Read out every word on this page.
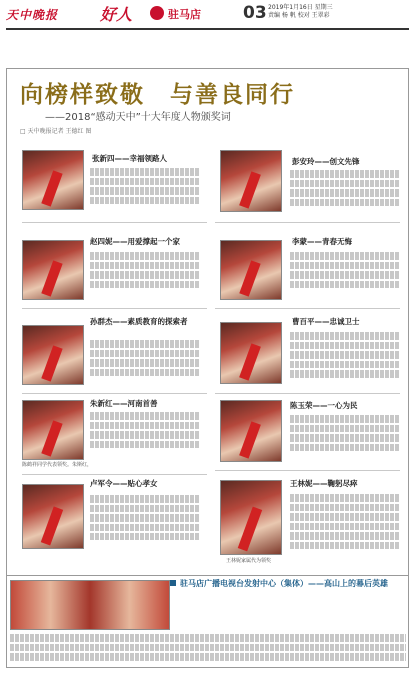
天中晚报	好人	驻马店 03 2019年1月16日 星期三
责编 杨 帆 校对 王翠彩
向榜样致敬　与善良同行
——2018“感动天中”十大年度人物颁奖词
□ 天中晚报记者 王德红 图
张新四——幸福领路人
赵四妮——用爱撑起一个家
孙群杰——素质教育的探索者
朱新红——河南首善
陈鹤祥同学代表领奖。朱斯红，
卢军令——贴心孝女
彭安玲——创文先锋
李蒙——青春无悔
曹百平——忠诚卫士
陈玉荣——一心为民
王林妮——鞠躬尽瘁
王林妮家属代为领奖
驻马店广播电视台发射中心（集体）——高山上的幕后英雄
